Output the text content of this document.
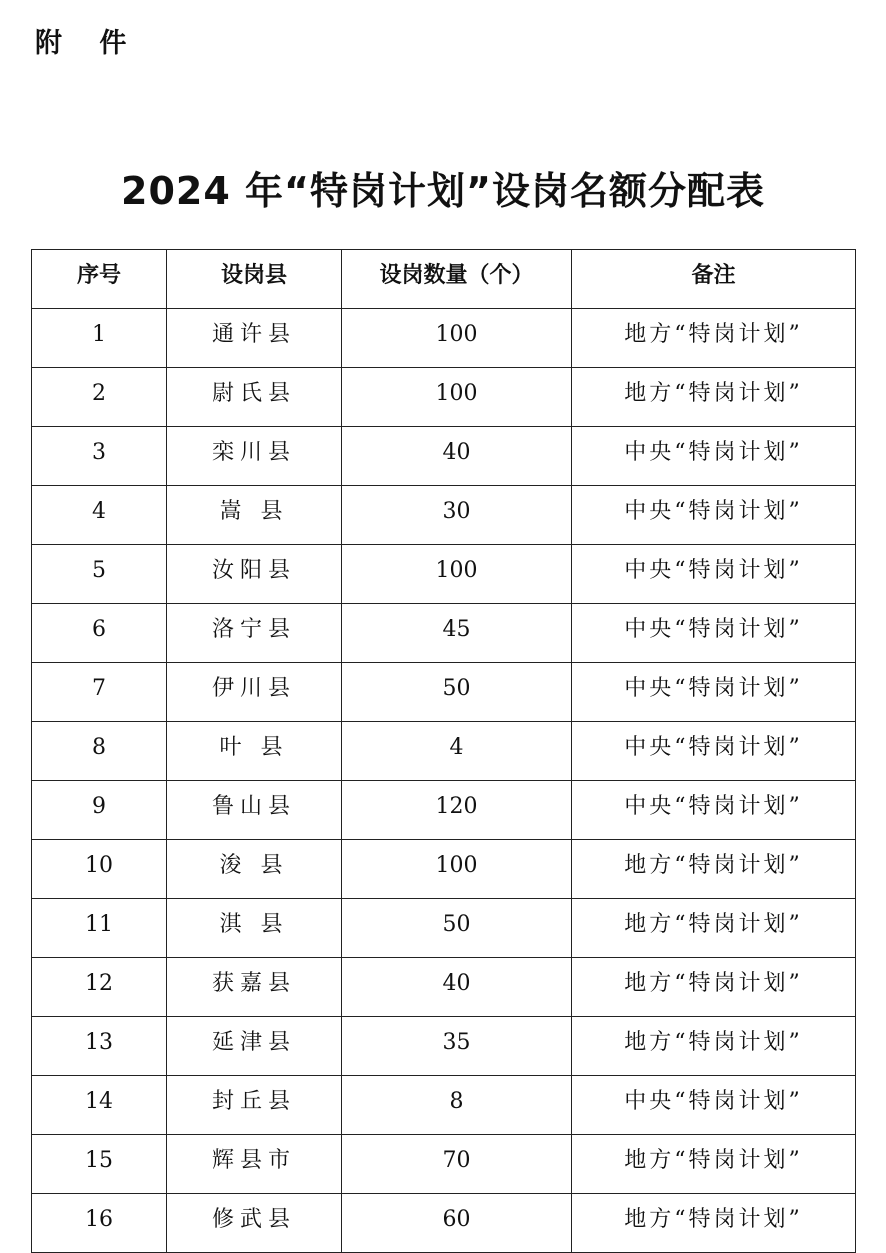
附 件
2024 年“特岗计划”设岗名额分配表
序号	设岗县	设岗数量（个）	备注
1	通许县	100	地方“特岗计划”
2	尉氏县	100	地方“特岗计划”
3	栾川县	40	中央“特岗计划”
4	嵩 县	30	中央“特岗计划”
5	汝阳县	100	中央“特岗计划”
6	洛宁县	45	中央“特岗计划”
7	伊川县	50	中央“特岗计划”
8	叶 县	4	中央“特岗计划”
9	鲁山县	120	中央“特岗计划”
10	浚 县	100	地方“特岗计划”
11	淇 县	50	地方“特岗计划”
12	获嘉县	40	地方“特岗计划”
13	延津县	35	地方“特岗计划”
14	封丘县	8	中央“特岗计划”
15	辉县市	70	地方“特岗计划”
16	修武县	60	地方“特岗计划”
